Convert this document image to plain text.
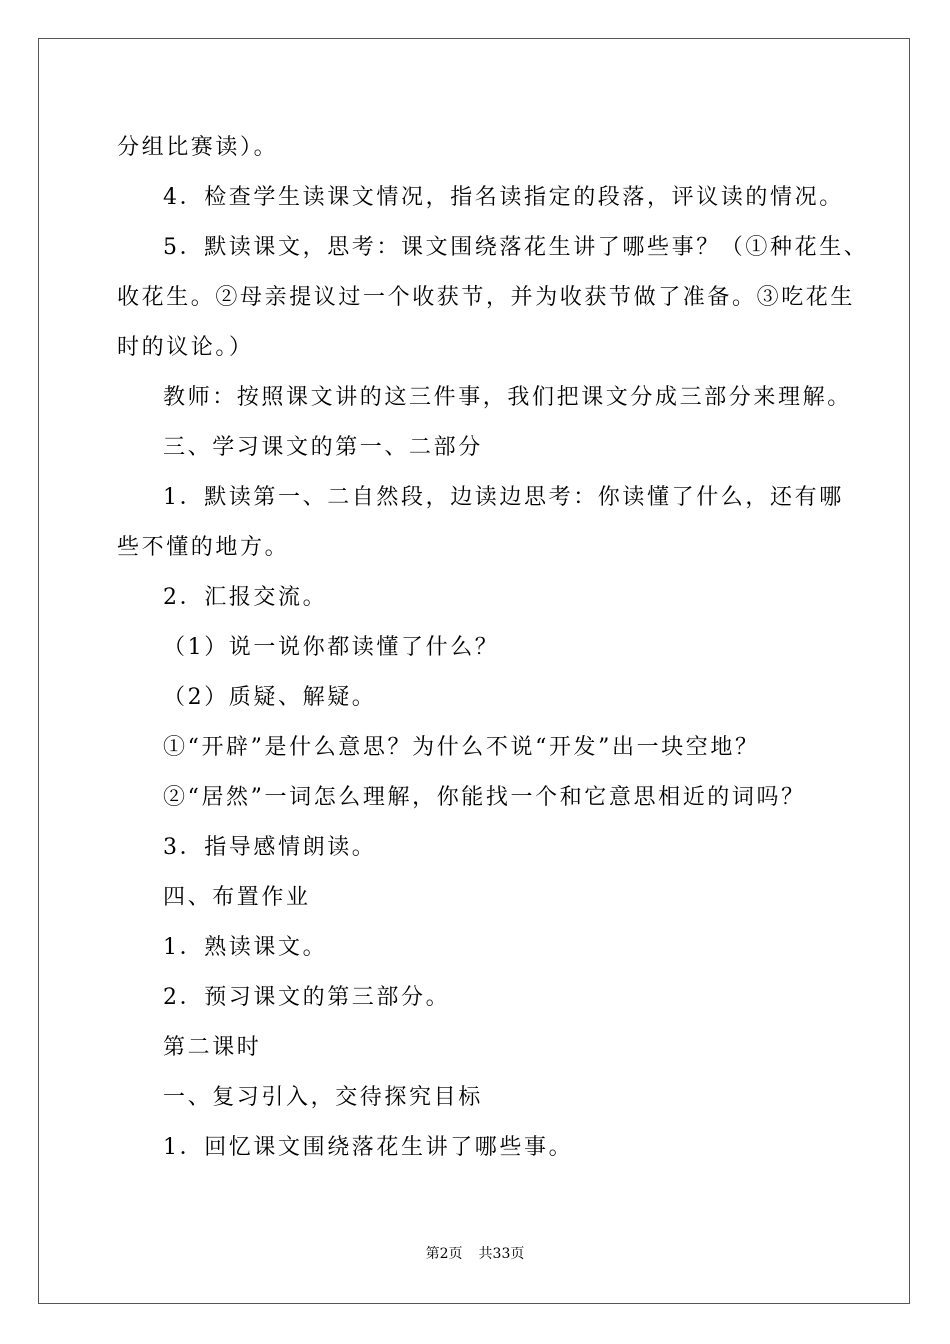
分组比赛读）。
4．检查学生读课文情况，指名读指定的段落，评议读的情况。
5．默读课文，思考：课文围绕落花生讲了哪些事？（①种花生、
收花生。②母亲提议过一个收获节，并为收获节做了准备。③吃花生
时的议论。）
教师：按照课文讲的这三件事，我们把课文分成三部分来理解。
三、学习课文的第一、二部分
1．默读第一、二自然段，边读边思考：你读懂了什么，还有哪
些不懂的地方。
2．汇报交流。
（1）说一说你都读懂了什么？
（2）质疑、解疑。
①“开辟”是什么意思？为什么不说“开发”出一块空地？
②“居然”一词怎么理解，你能找一个和它意思相近的词吗？
3．指导感情朗读。
四、布置作业
1．熟读课文。
2．预习课文的第三部分。
第二课时
一、复习引入，交待探究目标
1．回忆课文围绕落花生讲了哪些事。
第2页 共33页
